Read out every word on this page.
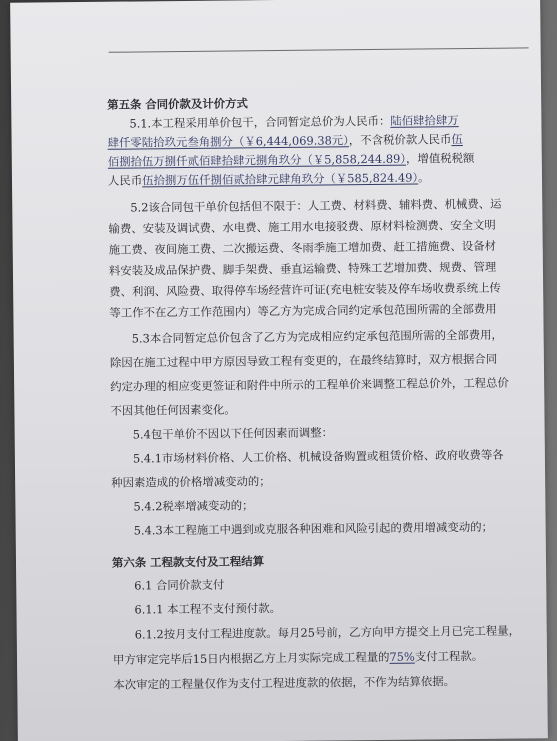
第五条 合同价款及计价方式
5.1.本工程采用单价包干，合同暂定总价为人民币：陆佰肆拾肆万
肆仟零陆拾玖元叁角捌分（￥6,444,069.38元），不含税价款人民币伍
佰捌拾伍万捌仟贰佰肆拾肆元捌角玖分（￥5,858,244.89），增值税税额
人民币伍拾捌万伍仟捌佰贰拾肆元肆角玖分（￥585,824.49）。
5.2该合同包干单价包括但不限于：人工费、材料费、辅料费、机械费、运
输费、安装及调试费、水电费、施工用水电接驳费、原材料检测费、安全文明
施工费、夜间施工费、二次搬运费、冬雨季施工增加费、赶工措施费、设备材
料安装及成品保护费、脚手架费、垂直运输费、特殊工艺增加费、规费、管理
费、利润、风险费、取得停车场经营许可证(充电桩安装及停车场收费系统上传
等工作不在乙方工作范围内）等乙方为完成合同约定承包范围所需的全部费用
5.3本合同暂定总价包含了乙方为完成相应约定承包范围所需的全部费用，
除因在施工过程中甲方原因导致工程有变更的，在最终结算时，双方根据合同
约定办理的相应变更签证和附件中所示的工程单价来调整工程总价外，工程总价
不因其他任何因素变化。
5.4包干单价不因以下任何因素而调整：
5.4.1市场材料价格、人工价格、机械设备购置或租赁价格、政府收费等各
种因素造成的价格增减变动的；
5.4.2税率增减变动的；
5.4.3本工程施工中遇到或克服各种困难和风险引起的费用增减变动的；
第六条 工程款支付及工程结算
6.1 合同价款支付
6.1.1 本工程不支付预付款。
6.1.2按月支付工程进度款。每月25号前，乙方向甲方提交上月已完工程量，
甲方审定完毕后15日内根据乙方上月实际完成工程量的75%支付工程款。
本次审定的工程量仅作为支付工程进度款的依据，不作为结算依据。
